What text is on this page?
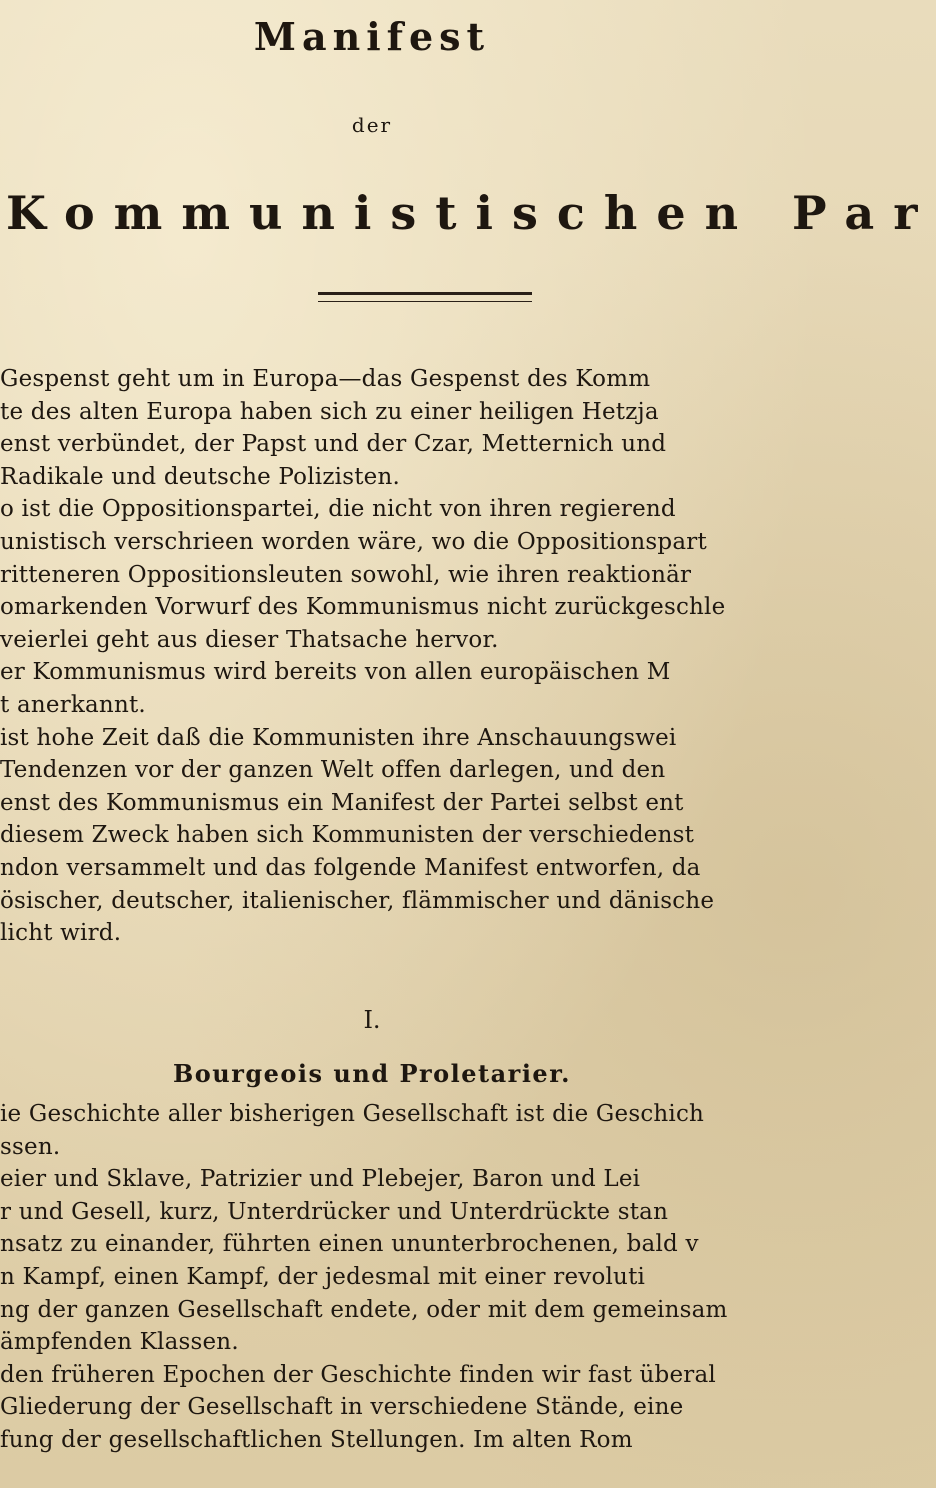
Manifest
der
Kommunistischen Par
Gespenst geht um in Europa—das Gespenst des Komm
te des alten Europa haben sich zu einer heiligen Hetzja
enst verbündet, der Papst und der Czar, Metternich und
Radikale und deutsche Polizisten.
o ist die Oppositionspartei, die nicht von ihren regierend
unistisch verschrieen worden wäre, wo die Oppositionspart
ritteneren Oppositionsleuten sowohl, wie ihren reaktionär
omarkenden Vorwurf des Kommunismus nicht zurückgeschle
veierlei geht aus dieser Thatsache hervor.
er Kommunismus wird bereits von allen europäischen M
t anerkannt.
ist hohe Zeit daß die Kommunisten ihre Anschauungswei
Tendenzen vor der ganzen Welt offen darlegen, und den
enst des Kommunismus ein Manifest der Partei selbst ent
diesem Zweck haben sich Kommunisten der verschiedenst
ndon versammelt und das folgende Manifest entworfen, da
ösischer, deutscher, italienischer, flämmischer und dänische
licht wird.
I.
Bourgeois und Proletarier.
ie Geschichte aller bisherigen Gesellschaft ist die Geschich
ssen.
eier und Sklave, Patrizier und Plebejer, Baron und Lei
r und Gesell, kurz, Unterdrücker und Unterdrückte stan
nsatz zu einander, führten einen ununterbrochenen, bald v
n Kampf, einen Kampf, der jedesmal mit einer revoluti
ng der ganzen Gesellschaft endete, oder mit dem gemeinsam
ämpfenden Klassen.
den früheren Epochen der Geschichte finden wir fast überal
Gliederung der Gesellschaft in verschiedene Stände, eine
fung der gesellschaftlichen Stellungen. Im alten Rom
